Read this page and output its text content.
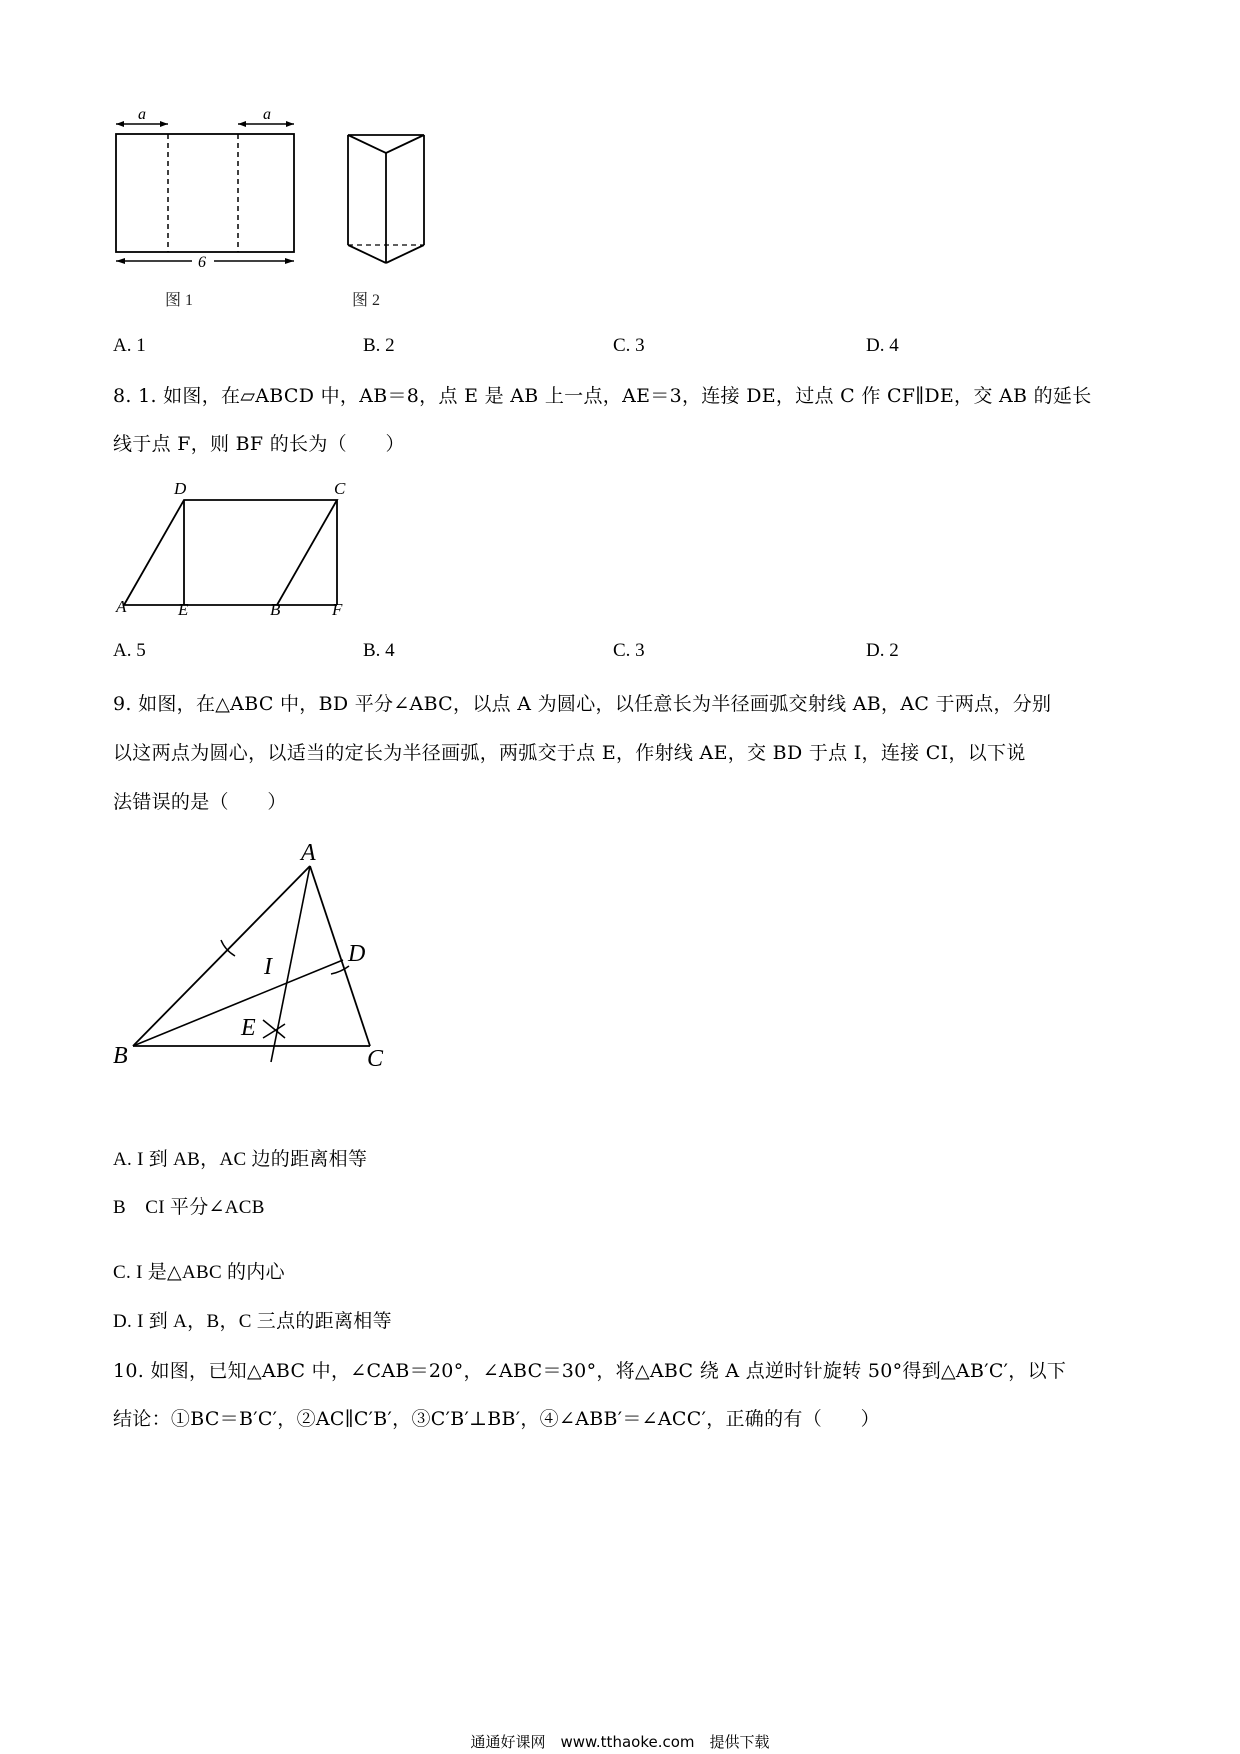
a	a
6
图 1	图 2
A. 1	B. 2	C. 3	D. 4
8. 1. 如图，在▱ABCD 中，AB＝8，点 E 是 AB 上一点，AE＝3，连接 DE，过点 C 作 CF∥DE，交 AB 的延长
线于点 F，则 BF 的长为（　　）
D	C
A	E	B	F
A. 5	B. 4	C. 3	D. 2
9. 如图，在△ABC 中，BD 平分∠ABC，以点 A 为圆心，以任意长为半径画弧交射线 AB，AC 于两点，分别
以这两点为圆心，以适当的定长为半径画弧，两弧交于点 E，作射线 AE，交 BD 于点 I，连接 CI，以下说
法错误的是（　　）
A
D
I
E
B	C
A. I 到 AB，AC 边的距离相等
B　CI 平分∠ACB
C. I 是△ABC 的内心
D. I 到 A，B，C 三点的距离相等
10. 如图，已知△ABC 中，∠CAB＝20°，∠ABC＝30°，将△ABC 绕 A 点逆时针旋转 50°得到△AB′C′，以下
结论：①BC＝B′C′，②AC∥C′B′，③C′B′⊥BB′，④∠ABB′＝∠ACC′，正确的有（　　）
通通好课网　www.tthaoke.com　提供下载
